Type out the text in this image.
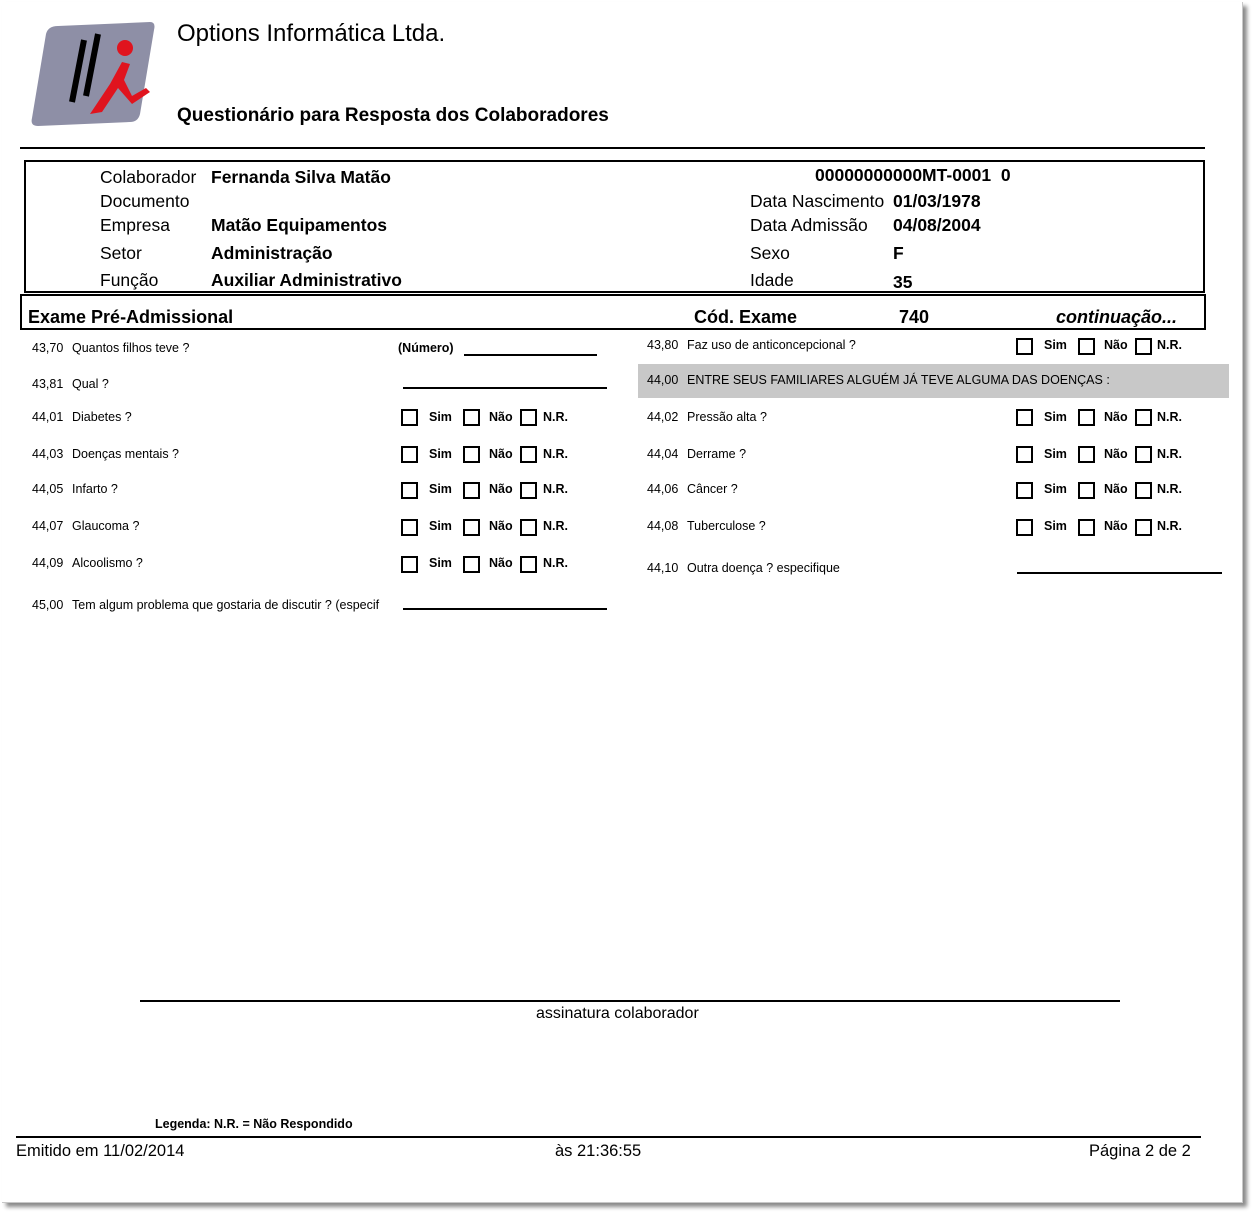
Options Informática Ltda.
Questionário para Resposta dos Colaboradores
Colaborador Fernanda Silva Matão
Documento
Empresa Matão Equipamentos
Setor	Administração
Função	Auxiliar Administrativo
00000000000MT-0001  0
Data Nascimento 01/03/1978
Data Admissão 04/08/2004
Sexo	F
Idade	35
Exame Pré-Admissional	Cód. Exame	740	continuação...
43,70 Quantos filhos teve ?	(Número)
43,81 Qual ?
44,01 Diabetes ?	Sim	Não N.R.
44,03 Doenças mentais ?	Sim	Não N.R.
44,05 Infarto ?	Sim	Não N.R.
44,07 Glaucoma ?	Sim	Não N.R.
44,09 Alcoolismo ?	Sim	Não N.R.
45,00 Tem algum problema que gostaria de discutir ? (especif
43,80 Faz uso de anticoncepcional ?	Sim	Não N.R.
44,00 ENTRE SEUS FAMILIARES ALGUÉM JÁ TEVE ALGUMA DAS DOENÇAS :
44,02 Pressão alta ?	Sim	Não N.R.
44,04 Derrame ?	Sim	Não N.R.
44,06 Câncer ?	Sim	Não N.R.
44,08 Tuberculose ?	Sim	Não N.R.
44,10 Outra doença ? especifique
assinatura colaborador
Legenda: N.R. = Não Respondido
Emitido em 11/02/2014	às 21:36:55	Página 2 de 2
